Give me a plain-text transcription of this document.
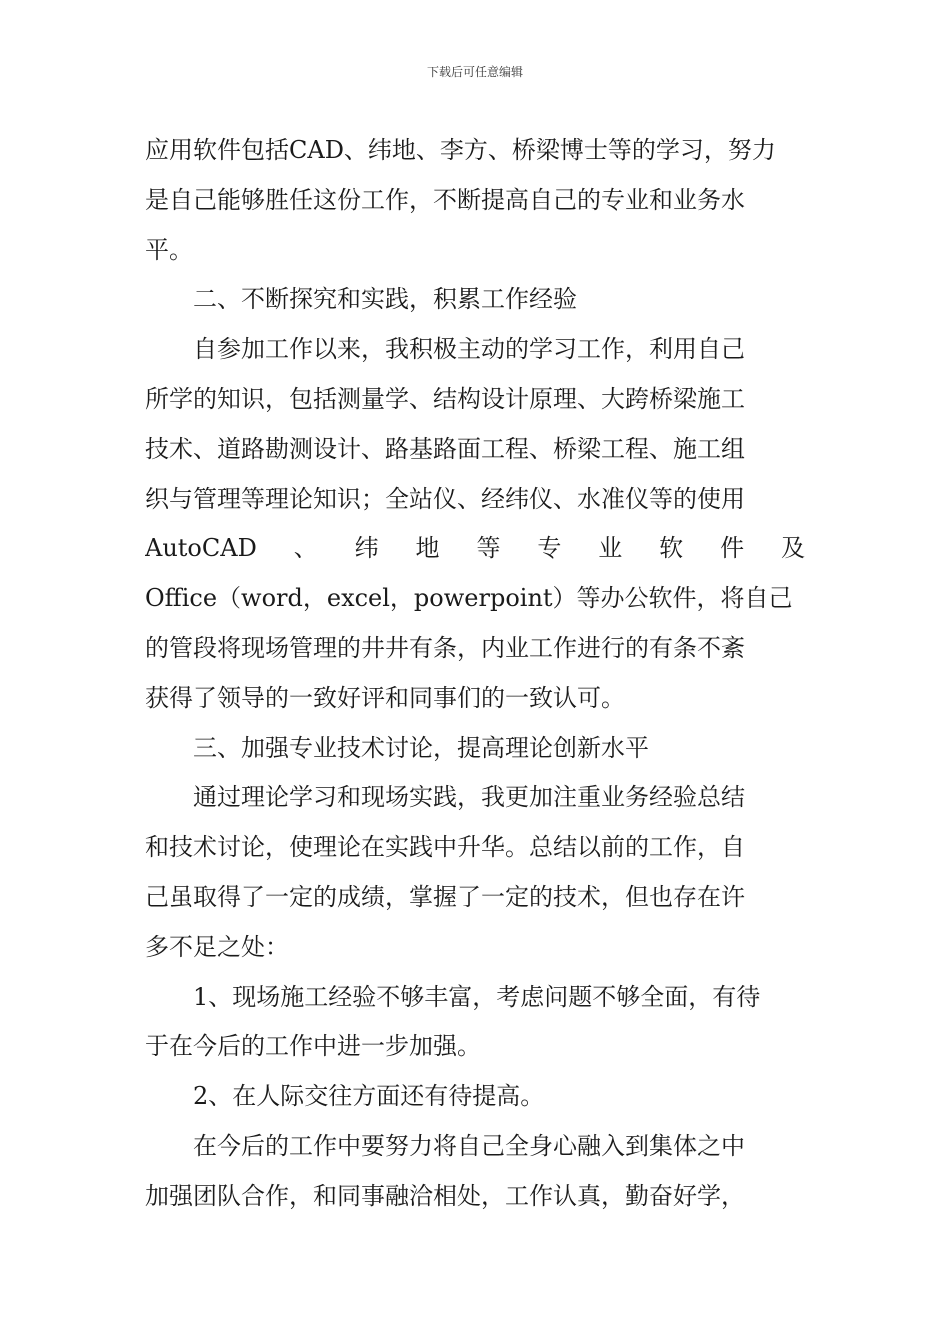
下载后可任意编辑

应用软件包括CAD、纬地、李方、桥梁博士等的学习，努力

是自己能够胜任这份工作，不断提高自己的专业和业务水

平。

二、不断探究和实践，积累工作经验

自参加工作以来，我积极主动的学习工作，利用自己

所学的知识，包括测量学、结构设计原理、大跨桥梁施工

技术、道路勘测设计、路基路面工程、桥梁工程、施工组

织与管理等理论知识；全站仪、经纬仪、水准仪等的使用

AutoCAD 、 纬 地 等 专 业 软 件 及

Office（word，excel，powerpoint）等办公软件，将自己

的管段将现场管理的井井有条，内业工作进行的有条不紊

获得了领导的一致好评和同事们的一致认可。

三、加强专业技术讨论，提高理论创新水平

通过理论学习和现场实践，我更加注重业务经验总结

和技术讨论，使理论在实践中升华。总结以前的工作，自

己虽取得了一定的成绩，掌握了一定的技术，但也存在许

多不足之处：

1、现场施工经验不够丰富，考虑问题不够全面，有待

于在今后的工作中进一步加强。

2、在人际交往方面还有待提高。

在今后的工作中要努力将自己全身心融入到集体之中

加强团队合作，和同事融洽相处，工作认真，勤奋好学，
